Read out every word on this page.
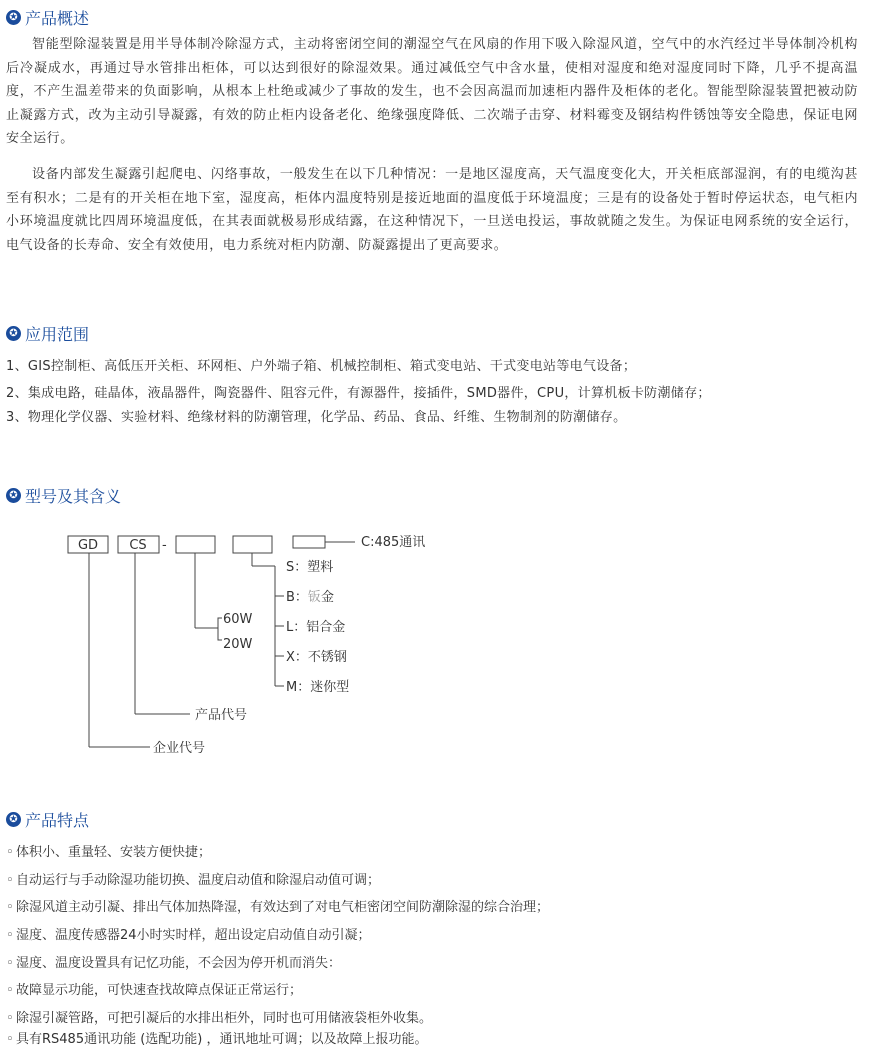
✪ 产品概述

智能型除湿装置是用半导体制冷除湿方式，主动将密闭空间的潮湿空气在风扇的作用下吸入除湿风道，空气中的水汽经过半导体制冷机构后冷凝成水，再通过导水管排出柜体，可以达到很好的除湿效果。通过减低空气中含水量，使相对湿度和绝对湿度同时下降，几乎不提高温度，不产生温差带来的负面影响，从根本上杜绝或减少了事故的发生，也不会因高温而加速柜内器件及柜体的老化。智能型除湿装置把被动防止凝露方式，改为主动引导凝露，有效的防止柜内设备老化、绝缘强度降低、二次端子击穿、材料霉变及钢结构件锈蚀等安全隐患，保证电网安全运行。

设备内部发生凝露引起爬电、闪络事故，一般发生在以下几种情况：一是地区湿度高，天气温度变化大，开关柜底部湿润，有的电缆沟甚至有积水；二是有的开关柜在地下室，湿度高，柜体内温度特别是接近地面的温度低于环境温度；三是有的设备处于暂时停运状态，电气柜内小环境温度就比四周环境温度低，在其表面就极易形成结露，在这种情况下，一旦送电投运，事故就随之发生。为保证电网系统的安全运行，电气设备的长寿命、安全有效使用，电力系统对柜内防潮、防凝露提出了更高要求。

✪ 应用范围
1、GIS控制柜、高低压开关柜、环网柜、户外端子箱、机械控制柜、箱式变电站、干式变电站等电气设备；
2、集成电路，硅晶体，液晶器件，陶瓷器件、阻容元件，有源器件，接插件，SMD器件，CPU，计算机板卡防潮储存；
3、物理化学仪器、实验材料、绝缘材料的防潮管理，化学品、药品、食品、纤维、生物制剂的防潮储存。
✪ 型号及其含义
GD CS -	C:485通讯
S：塑料
B：钣金
L：铝合金
X：不锈钢
M：迷你型
60W
20W
产品代号
企业代号
✪ 产品特点
◦ 体积小、重量轻、安装方便快捷；
◦ 自动运行与手动除湿功能切换、温度启动值和除湿启动值可调；
◦ 除湿风道主动引凝、排出气体加热降湿，有效达到了对电气柜密闭空间防潮除湿的综合治理；
◦ 湿度、温度传感器24小时实时样，超出设定启动值自动引凝；
◦ 湿度、温度设置具有记忆功能，不会因为停开机而消失：
◦ 故障显示功能，可快速查找故障点保证正常运行；
◦ 除湿引凝管路，可把引凝后的水排出柜外，同时也可用储液袋柜外收集。
◦ 具有RS485通讯功能 (选配功能) ，通讯地址可调；以及故障上报功能。
